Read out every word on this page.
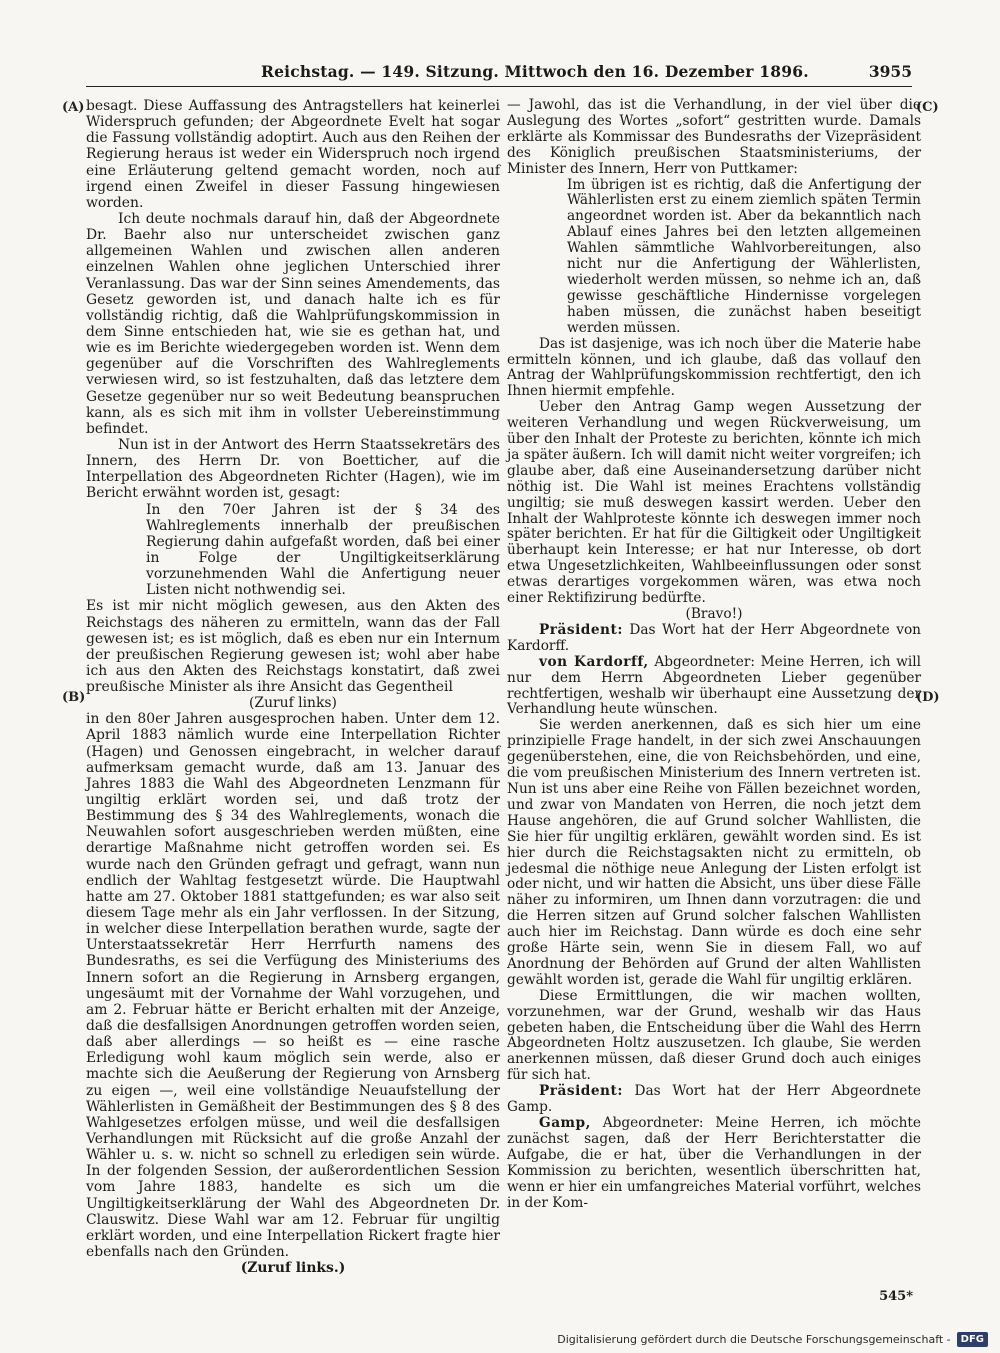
Reichstag. — 149. Sitzung. Mittwoch den 16. Dezember 1896.	3955
(A)
(B)
(C)
(D)

besagt. Diese Auffassung des Antragstellers hat keinerlei Widerspruch gefunden; der Abgeordnete Evelt hat sogar die Fassung vollständig adoptirt. Auch aus den Reihen der Regierung heraus ist weder ein Widerspruch noch irgend eine Erläuterung geltend gemacht worden, noch auf irgend einen Zweifel in dieser Fassung hingewiesen worden.

Ich deute nochmals darauf hin, daß der Abgeordnete Dr. Baehr also nur unterscheidet zwischen ganz allgemeinen Wahlen und zwischen allen anderen einzelnen Wahlen ohne jeglichen Unterschied ihrer Veranlassung. Das war der Sinn seines Amendements, das Gesetz geworden ist, und danach halte ich es für vollständig richtig, daß die Wahlprüfungskommission in dem Sinne entschieden hat, wie sie es gethan hat, und wie es im Berichte wiedergegeben worden ist. Wenn dem gegenüber auf die Vorschriften des Wahlreglements verwiesen wird, so ist festzuhalten, daß das letztere dem Gesetze gegenüber nur so weit Bedeutung beanspruchen kann, als es sich mit ihm in vollster Uebereinstimmung befindet.

Nun ist in der Antwort des Herrn Staatssekretärs des Innern, des Herrn Dr. von Boetticher, auf die Interpellation des Abgeordneten Richter (Hagen), wie im Bericht erwähnt worden ist, gesagt:

In den 70er Jahren ist der § 34 des Wahlreglements innerhalb der preußischen Regierung dahin aufgefaßt worden, daß bei einer in Folge der Ungiltigkeitserklärung vorzunehmenden Wahl die Anfertigung neuer Listen nicht nothwendig sei.

Es ist mir nicht möglich gewesen, aus den Akten des Reichstags des näheren zu ermitteln, wann das der Fall gewesen ist; es ist möglich, daß es eben nur ein Internum der preußischen Regierung gewesen ist; wohl aber habe ich aus den Akten des Reichstags konstatirt, daß zwei preußische Minister als ihre Ansicht das Gegentheil

(Zuruf links)

in den 80er Jahren ausgesprochen haben. Unter dem 12. April 1883 nämlich wurde eine Interpellation Richter (Hagen) und Genossen eingebracht, in welcher darauf aufmerksam gemacht wurde, daß am 13. Januar des Jahres 1883 die Wahl des Abgeordneten Lenzmann für ungiltig erklärt worden sei, und daß trotz der Bestimmung des § 34 des Wahlreglements, wonach die Neuwahlen sofort ausgeschrieben werden müßten, eine derartige Maßnahme nicht getroffen worden sei. Es wurde nach den Gründen gefragt und gefragt, wann nun endlich der Wahltag festgesetzt würde. Die Hauptwahl hatte am 27. Oktober 1881 stattgefunden; es war also seit diesem Tage mehr als ein Jahr verflossen. In der Sitzung, in welcher diese Interpellation berathen wurde, sagte der Unterstaatssekretär Herr Herrfurth namens des Bundesraths, es sei die Verfügung des Ministeriums des Innern sofort an die Regierung in Arnsberg ergangen, ungesäumt mit der Vornahme der Wahl vorzugehen, und am 2. Februar hätte er Bericht erhalten mit der Anzeige, daß die desfallsigen Anordnungen getroffen worden seien, daß aber allerdings — so heißt es — eine rasche Erledigung wohl kaum möglich sein werde, also er machte sich die Aeußerung der Regierung von Arnsberg zu eigen —, weil eine vollständige Neuaufstellung der Wählerlisten in Gemäßheit der Bestimmungen des § 8 des Wahlgesetzes erfolgen müsse, und weil die desfallsigen Verhandlungen mit Rücksicht auf die große Anzahl der Wähler u. s. w. nicht so schnell zu erledigen sein würde. In der folgenden Session, der außerordentlichen Session vom Jahre 1883, handelte es sich um die Ungiltigkeitserklärung der Wahl des Abgeordneten Dr. Clauswitz. Diese Wahl war am 12. Februar für ungiltig erklärt worden, und eine Interpellation Rickert fragte hier ebenfalls nach den Gründen.

(Zuruf links.)

— Jawohl, das ist die Verhandlung, in der viel über die Auslegung des Wortes „sofort“ gestritten wurde. Damals erklärte als Kommissar des Bundesraths der Vizepräsident des Königlich preußischen Staatsministeriums, der Minister des Innern, Herr von Puttkamer:

Im übrigen ist es richtig, daß die Anfertigung der Wählerlisten erst zu einem ziemlich späten Termin angeordnet worden ist. Aber da bekanntlich nach Ablauf eines Jahres bei den letzten allgemeinen Wahlen sämmtliche Wahlvorbereitungen, also nicht nur die Anfertigung der Wählerlisten, wiederholt werden müssen, so nehme ich an, daß gewisse geschäftliche Hindernisse vorgelegen haben müssen, die zunächst haben beseitigt werden müssen.

Das ist dasjenige, was ich noch über die Materie habe ermitteln können, und ich glaube, daß das vollauf den Antrag der Wahlprüfungskommission rechtfertigt, den ich Ihnen hiermit empfehle.

Ueber den Antrag Gamp wegen Aussetzung der weiteren Verhandlung und wegen Rückverweisung, um über den Inhalt der Proteste zu berichten, könnte ich mich ja später äußern. Ich will damit nicht weiter vorgreifen; ich glaube aber, daß eine Auseinandersetzung darüber nicht nöthig ist. Die Wahl ist meines Erachtens vollständig ungiltig; sie muß deswegen kassirt werden. Ueber den Inhalt der Wahlproteste könnte ich deswegen immer noch später berichten. Er hat für die Giltigkeit oder Ungiltigkeit überhaupt kein Interesse; er hat nur Interesse, ob dort etwa Ungesetzlichkeiten, Wahlbeeinflussungen oder sonst etwas derartiges vorgekommen wären, was etwa noch einer Rektifizirung bedürfte.

(Bravo!)

Präsident: Das Wort hat der Herr Abgeordnete von Kardorff.

von Kardorff, Abgeordneter: Meine Herren, ich will nur dem Herrn Abgeordneten Lieber gegenüber rechtfertigen, weshalb wir überhaupt eine Aussetzung der Verhandlung heute wünschen.

Sie werden anerkennen, daß es sich hier um eine prinzipielle Frage handelt, in der sich zwei Anschauungen gegenüberstehen, eine, die von Reichsbehörden, und eine, die vom preußischen Ministerium des Innern vertreten ist. Nun ist uns aber eine Reihe von Fällen bezeichnet worden, und zwar von Mandaten von Herren, die noch jetzt dem Hause angehören, die auf Grund solcher Wahllisten, die Sie hier für ungiltig erklären, gewählt worden sind. Es ist hier durch die Reichstagsakten nicht zu ermitteln, ob jedesmal die nöthige neue Anlegung der Listen erfolgt ist oder nicht, und wir hatten die Absicht, uns über diese Fälle näher zu informiren, um Ihnen dann vorzutragen: die und die Herren sitzen auf Grund solcher falschen Wahllisten auch hier im Reichstag. Dann würde es doch eine sehr große Härte sein, wenn Sie in diesem Fall, wo auf Anordnung der Behörden auf Grund der alten Wahllisten gewählt worden ist, gerade die Wahl für ungiltig erklären.

Diese Ermittlungen, die wir machen wollten, vorzunehmen, war der Grund, weshalb wir das Haus gebeten haben, die Entscheidung über die Wahl des Herrn Abgeordneten Holtz auszusetzen. Ich glaube, Sie werden anerkennen müssen, daß dieser Grund doch auch einiges für sich hat.

Präsident: Das Wort hat der Herr Abgeordnete Gamp.

Gamp, Abgeordneter: Meine Herren, ich möchte zunächst sagen, daß der Herr Berichterstatter die Aufgabe, die er hat, über die Verhandlungen in der Kommission zu berichten, wesentlich überschritten hat, wenn er hier ein umfangreiches Material vorführt, welches in der Kom-

545*
Digitalisierung gefördert durch die Deutsche Forschungsgemeinschaft -	DFG
